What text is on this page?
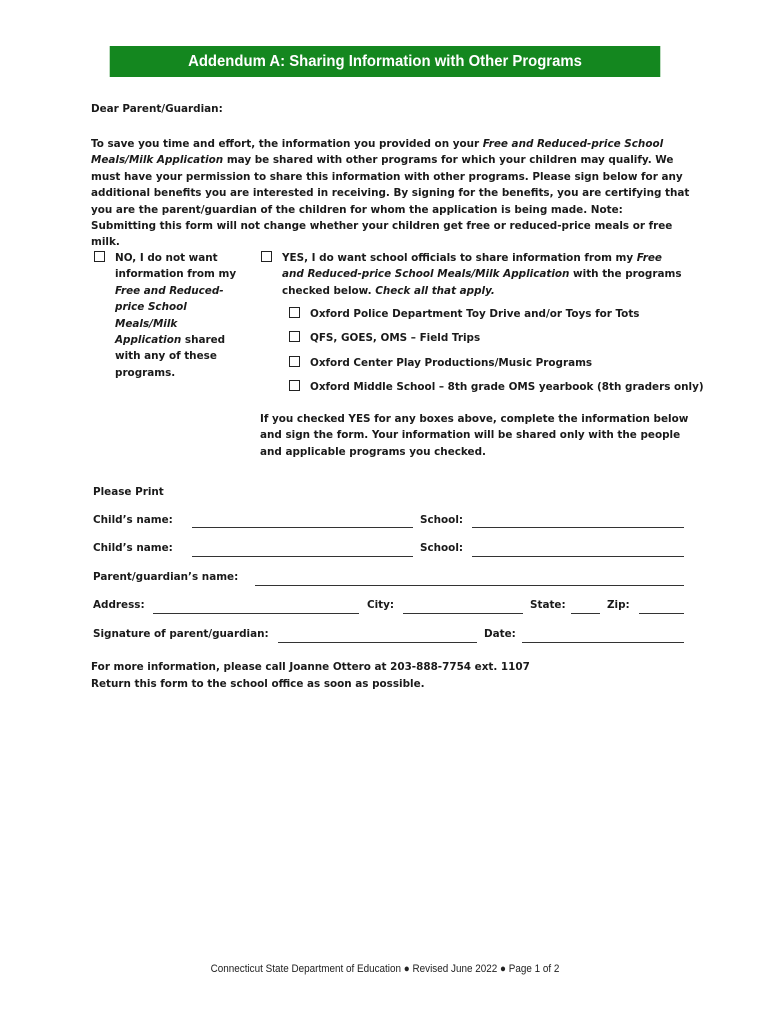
Addendum A: Sharing Information with Other Programs
Dear Parent/Guardian:
To save you time and effort, the information you provided on your Free and Reduced-price School Meals/Milk Application may be shared with other programs for which your children may qualify. We must have your permission to share this information with other programs. Please sign below for any additional benefits you are interested in receiving. By signing for the benefits, you are certifying that you are the parent/guardian of the children for whom the application is being made. Note: Submitting this form will not change whether your children get free or reduced-price meals or free milk.
NO, I do not want information from my Free and Reduced-price School Meals/Milk Application shared with any of these programs.
YES, I do want school officials to share information from my Free and Reduced-price School Meals/Milk Application with the programs checked below. Check all that apply.
Oxford Police Department Toy Drive and/or Toys for Tots
QFS, GOES, OMS – Field Trips
Oxford Center Play Productions/Music Programs
Oxford Middle School – 8th grade OMS yearbook (8th graders only)
If you checked YES for any boxes above, complete the information below and sign the form. Your information will be shared only with the people and applicable programs you checked.
Please Print
Child’s name:	School:
Child’s name:	School:
Parent/guardian’s name:
Address:	City:	State:	Zip:
Signature of parent/guardian:	Date:
For more information, please call Joanne Ottero at 203-888-7754 ext. 1107
Return this form to the school office as soon as possible.
Connecticut State Department of Education ● Revised June 2022 ● Page 1 of 2
